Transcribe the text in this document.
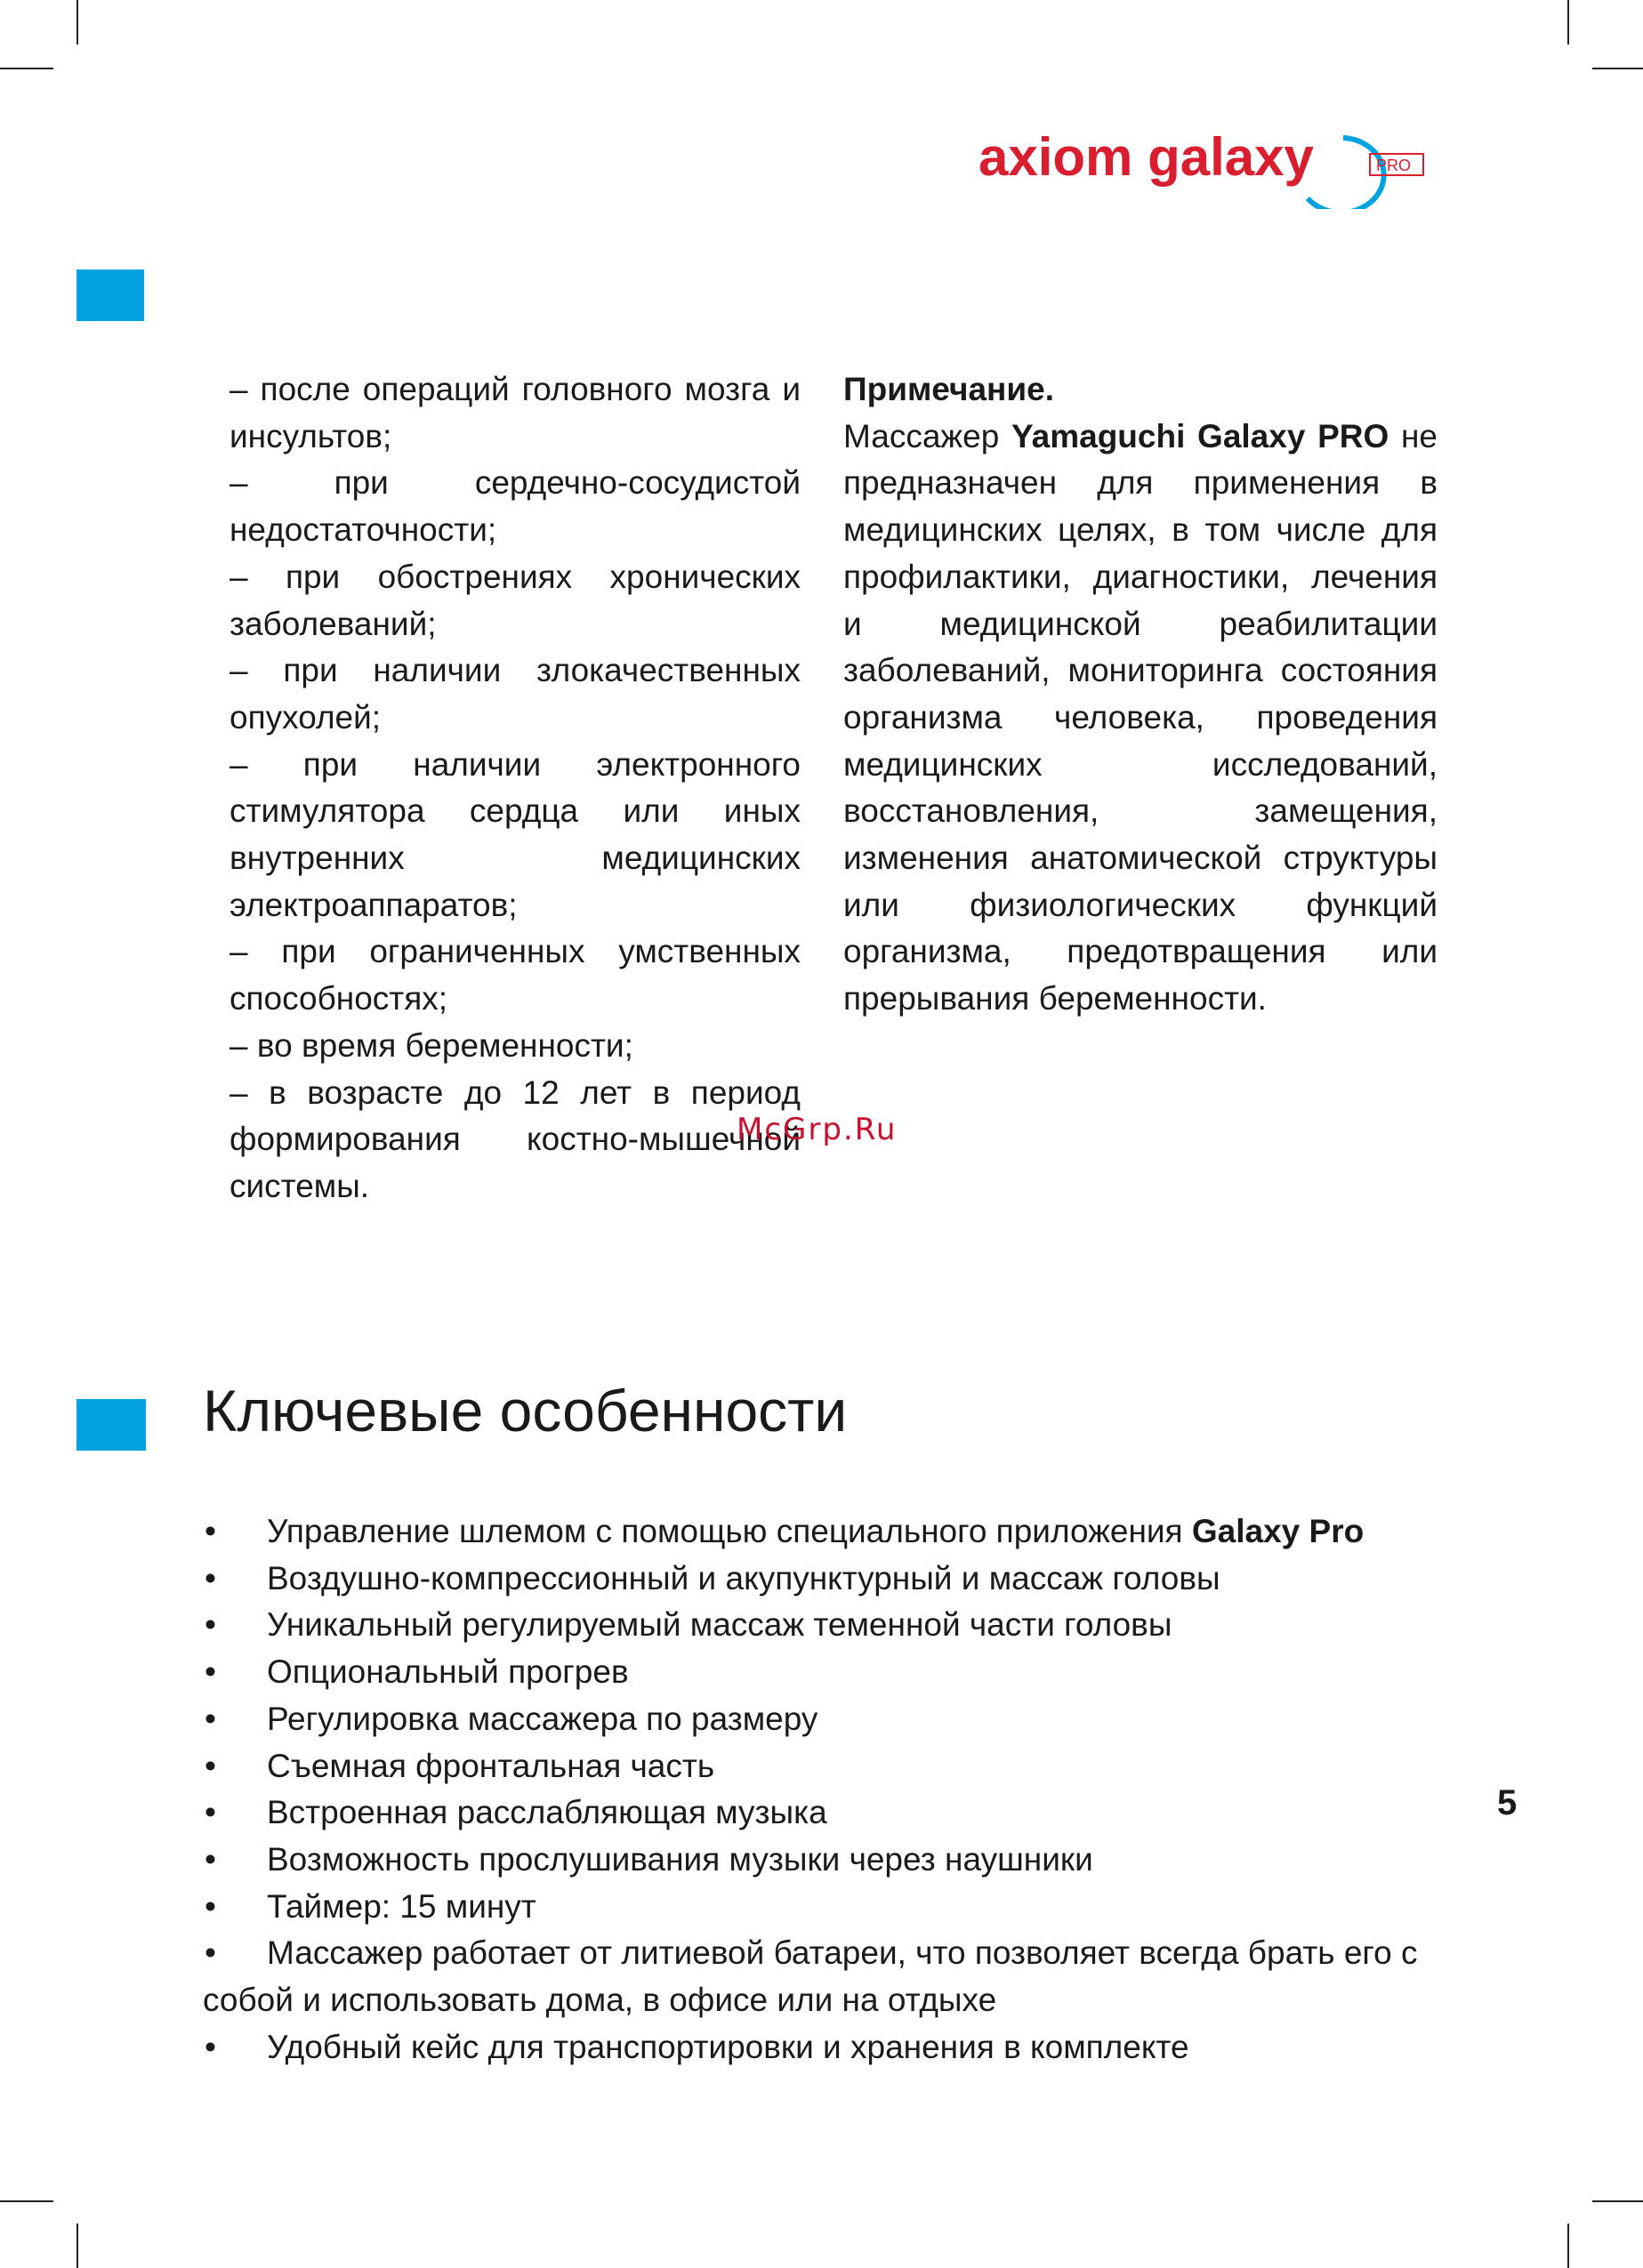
axiom galaxy	PRO

– после операций головного мозга и инсультов;

– при сердечно-сосудистой недостаточности;

– при обострениях хронических заболеваний;

– при наличии злокачественных опухолей;

– при наличии электронного стимулятора сердца или иных внутренних медицинских электроаппаратов;

– при ограниченных умственных способностях;

– во время беременности;

– в возрасте до 12 лет в период формирования костно-мышечной системы.

Примечание.

Массажер Yamaguchi Galaxy PRO не предназначен для применения в медицинских целях, в том числе для профилактики, диагностики, лечения и медицинской реабилитации заболеваний, мониторинга состояния организма человека, проведения медицинских исследований, восстановления, замещения, изменения анатомической структуры или физиологических функций организма, предотвращения или прерывания беременности.

McGrp.Ru
Ключевые особенности
• Управление шлемом с помощью специального приложения Galaxy Pro
• Воздушно-компрессионный и акупунктурный и массаж головы
• Уникальный регулируемый массаж теменной части головы
• Опциональный прогрев
• Регулировка массажера по размеру
• Съемная фронтальная часть
• Встроенная расслабляющая музыка
• Возможность прослушивания музыки через наушники
• Таймер: 15 минут
• Массажер работает от литиевой батареи, что позволяет всегда брать его с собой и использовать дома, в офисе или на отдыхе
• Удобный кейс для транспортировки и хранения в комплекте
5
